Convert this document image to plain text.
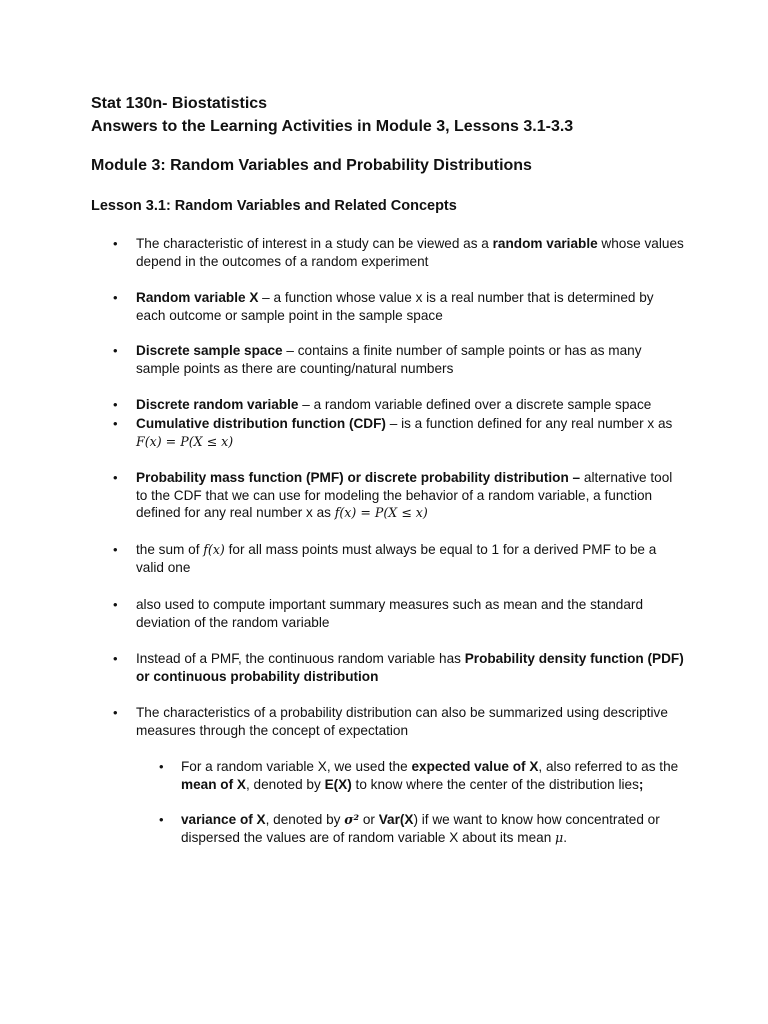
Stat 130n- Biostatistics
Answers to the Learning Activities in Module 3, Lessons 3.1-3.3
Module 3: Random Variables and Probability Distributions
Lesson 3.1: Random Variables and Related Concepts
• The characteristic of interest in a study can be viewed as a random variable whose values depend in the outcomes of a random experiment
• Random variable X – a function whose value x is a real number that is determined by each outcome or sample point in the sample space
• Discrete sample space – contains a finite number of sample points or has as many sample points as there are counting/natural numbers
• Discrete random variable – a random variable defined over a discrete sample space
• Cumulative distribution function (CDF) – is a function defined for any real number x as F(x) = P(X ≤ x)
• Probability mass function (PMF) or discrete probability distribution – alternative tool to the CDF that we can use for modeling the behavior of a random variable, a function defined for any real number x as f(x) = P(X ≤ x)
• the sum of f(x) for all mass points must always be equal to 1 for a derived PMF to be a valid one
• also used to compute important summary measures such as mean and the standard deviation of the random variable
• Instead of a PMF, the continuous random variable has Probability density function (PDF) or continuous probability distribution
• The characteristics of a probability distribution can also be summarized using descriptive measures through the concept of expectation
• For a random variable X, we used the expected value of X, also referred to as the mean of X, denoted by E(X) to know where the center of the distribution lies;
• variance of X, denoted by σ² or Var(X) if we want to know how concentrated or dispersed the values are of random variable X about its mean μ.
